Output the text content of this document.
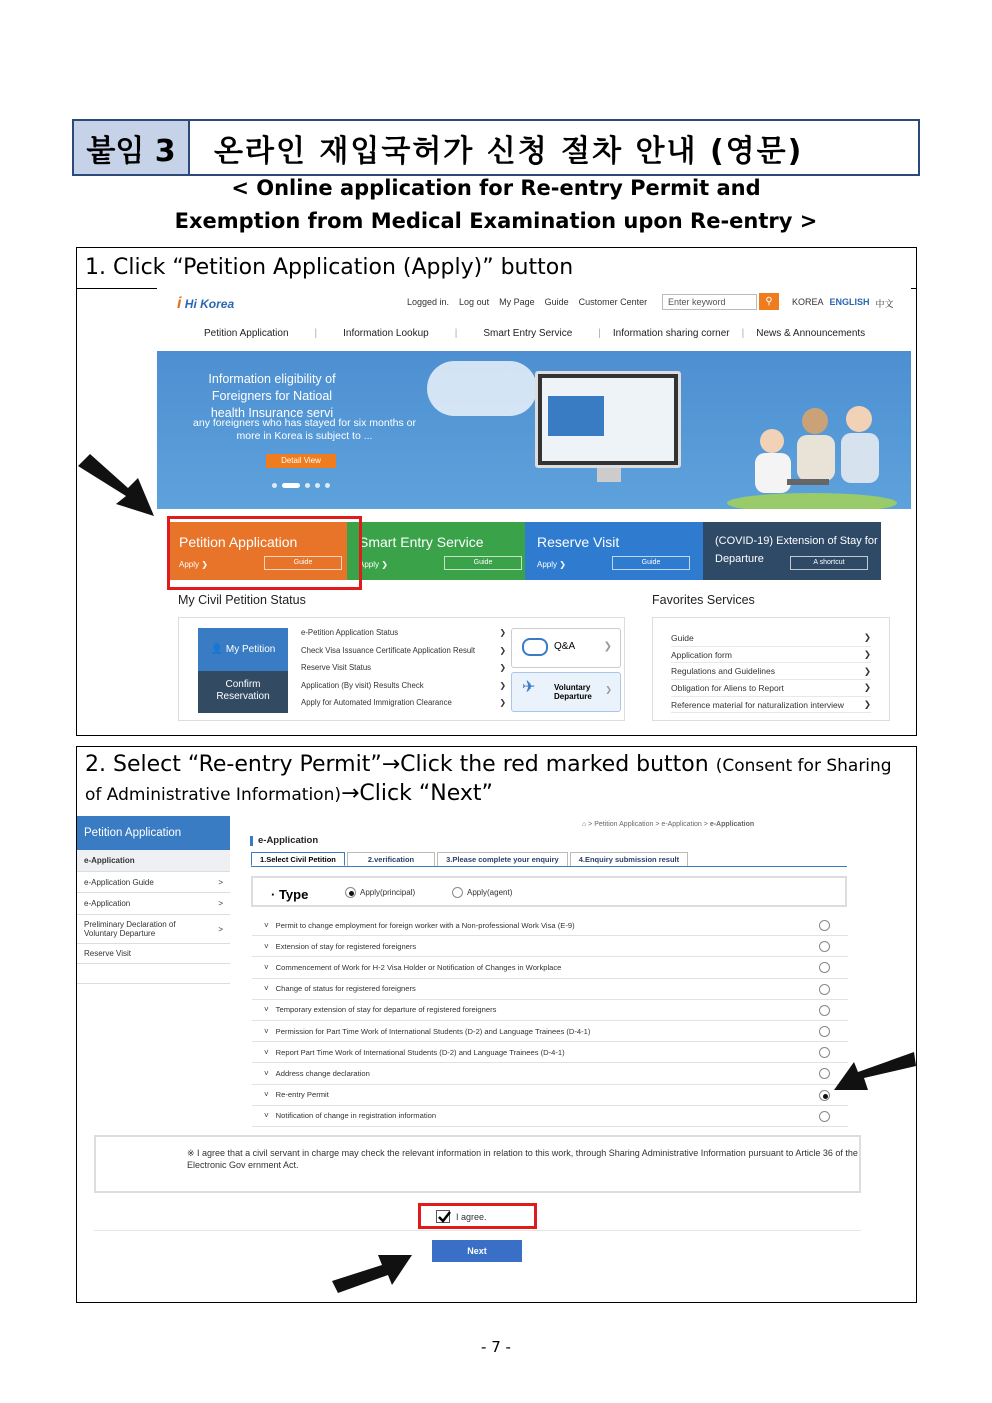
붙임 3	온라인 재입국허가 신청 절차 안내 (영문)
< Online application for Re-entry Permit and
Exemption from Medical Examination upon Re-entry >
1. Click “Petition Application (Apply)” button
i Hi Korea	Logged in. Log out My Page Guide Customer Center	Enter keyword	⚲	KOREA ENGLISH 中文
Petition Application	|	Information Lookup	|	Smart Entry Service	|	Information sharing corner	|	News & Announcements
Information eligibility of Foreigners for Natioal health Insurance servi
any foreigners who has stayed for six months or more in Korea is subject to ...
Detail View
Petition Application
Apply ❯	Guide
Smart Entry Service
Apply ❯	Guide
Reserve Visit
Apply ❯	Guide
(COVID-19) Extension of Stay for Departure	A shortcut
My Civil Petition Status	Favorites Services
👤 My Petition
Confirm Reservation
e-Petition Application Status	❯
Check Visa Issuance Certificate Application Result	❯
Reserve Visit Status	❯
Application (By visit) Results Check	❯
Apply for Automated Immigration Clearance	❯
Q&A	❯
✈ Voluntary Departure
❯
Guide	❯
Application form	❯
Regulations and Guidelines	❯
Obligation for Aliens to Report	❯
Reference material for naturalization interview ❯
2. Select “Re-entry Permit”→Click the red marked button (Consent for Sharing of Administrative Information)→Click “Next”
Petition Application
e-Application
e-Application Guide	>
e-Application	>
Preliminary Declaration of Voluntary Departure	>
Reserve Visit
⌂ > Petition Application > e-Application > e-Application
e-Application
1.Select Civil Petition	2.verification	3.Please complete your enquiry	4.Enquiry submission result
· Type	Apply(principal)	Apply(agent)
˅ Permit to change employment for foreign worker with a Non-professional Work Visa (E-9)
˅ Extension of stay for registered foreigners
˅ Commencement of Work for H-2 Visa Holder or Notification of Changes in Workplace
˅ Change of status for registered foreigners
˅ Temporary extension of stay for departure of registered foreigners
˅ Permission for Part Time Work of International Students (D-2) and Language Trainees (D-4-1)
˅ Report Part Time Work of International Students (D-2) and Language Trainees (D-4-1)
˅ Address change declaration
˅ Re-entry Permit
˅ Notification of change in registration information
※ I agree that a civil servant in charge may check the relevant information in relation to this work, through Sharing Administrative Information pursuant to Article 36 of the Electronic Gov ernment Act.
I agree.
Next
- 7 -
